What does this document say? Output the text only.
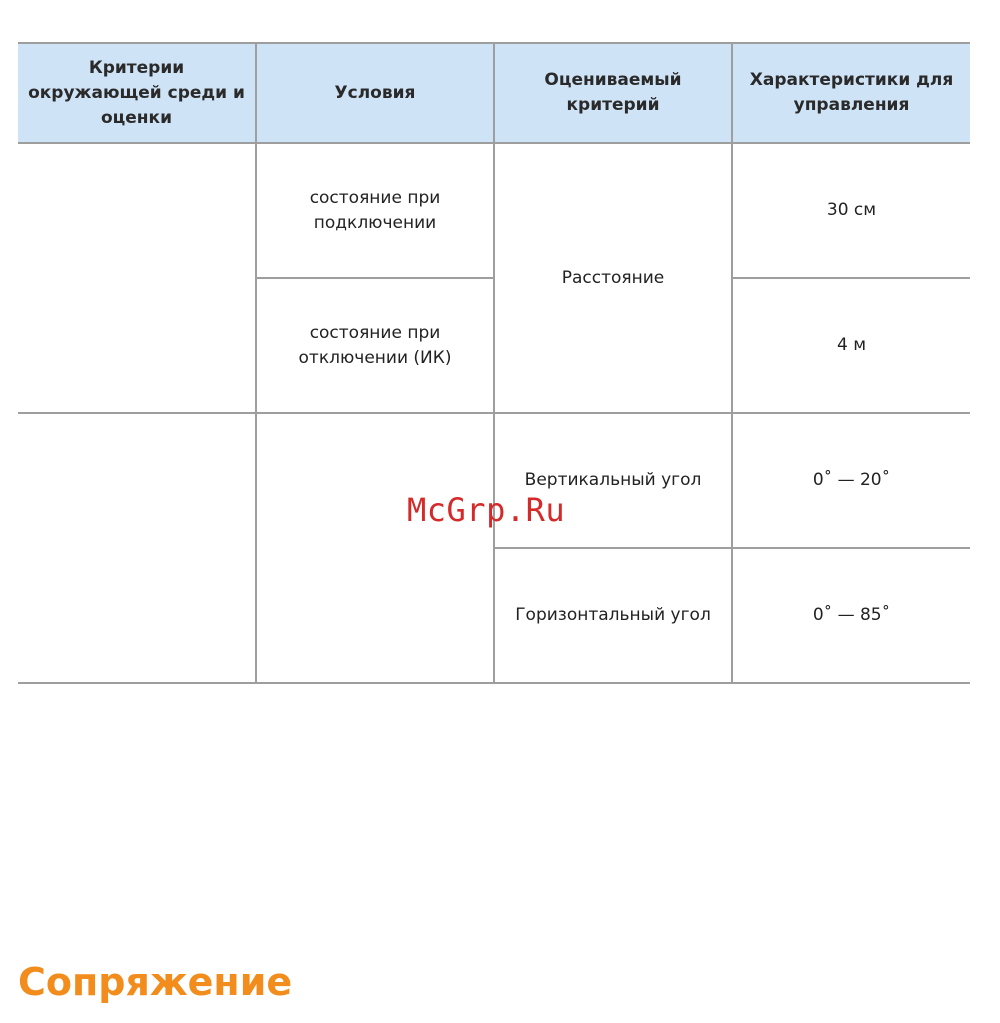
Критерии окружающей среди и оценки	Условия	Оцениваемый критерий	Характеристики для управления
	состояние при подключении	Расстояние	30 см
	состояние при отключении (ИК)		4 м
		Вертикальный угол	0˚ — 20˚
		Горизонтальный угол	0˚ — 85˚
McGrp.Ru
Сопряжение
